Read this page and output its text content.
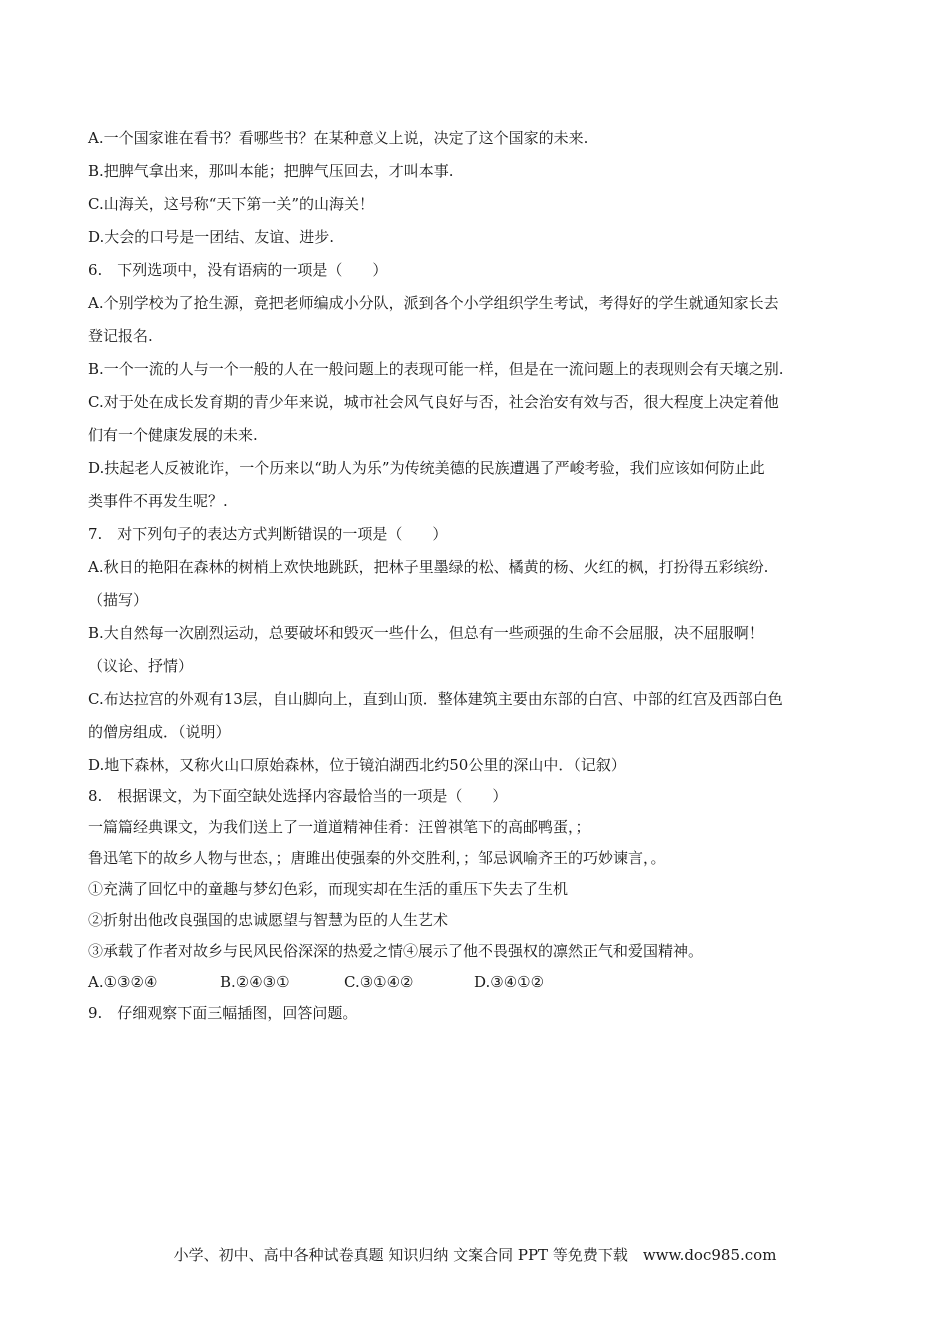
A.一个国家谁在看书？看哪些书？在某种意义上说，决定了这个国家的未来.

B.把脾气拿出来，那叫本能；把脾气压回去，才叫本事.

C.山海关，这号称“天下第一关”的山海关！

D.大会的口号是一团结、友谊、进步.

6.　下列选项中，没有语病的一项是（　　）

A.个别学校为了抢生源，竟把老师编成小分队，派到各个小学组织学生考试，考得好的学生就通知家长去

登记报名.

B.一个一流的人与一个一般的人在一般问题上的表现可能一样，但是在一流问题上的表现则会有天壤之别.

C.对于处在成长发育期的青少年来说，城市社会风气良好与否，社会治安有效与否，很大程度上决定着他

们有一个健康发展的未来.

D.扶起老人反被讹诈，一个历来以“助人为乐”为传统美德的民族遭遇了严峻考验，我们应该如何防止此

类事件不再发生呢？.

7.　对下列句子的表达方式判断错误的一项是（　　）

A.秋日的艳阳在森林的树梢上欢快地跳跃，把林子里墨绿的松、橘黄的杨、火红的枫，打扮得五彩缤纷.

（描写）

B.大自然每一次剧烈运动，总要破坏和毁灭一些什么，但总有一些顽强的生命不会屈服，决不屈服啊！

（议论、抒情）

C.布达拉宫的外观有13层，自山脚向上，直到山顶．整体建筑主要由东部的白宫、中部的红宫及西部白色

的僧房组成．（说明）

D.地下森林，又称火山口原始森林，位于镜泊湖西北约50公里的深山中．（记叙）

8.　根据课文，为下面空缺处选择内容最恰当的一项是（　　）

一篇篇经典课文，为我们送上了一道道精神佳肴：汪曾祺笔下的高邮鸭蛋，；

鲁迅笔下的故乡人物与世态，；唐雎出使强秦的外交胜利，；邹忌讽喻齐王的巧妙谏言，。

①充满了回忆中的童趣与梦幻色彩，而现实却在生活的重压下失去了生机

②折射出他改良强国的忠诚愿望与智慧为臣的人生艺术

③承载了作者对故乡与民风民俗深深的热爱之情④展示了他不畏强权的凛然正气和爱国精神。

A.①③②④	B.②④③①	C.③①④②	D.③④①②

9.　仔细观察下面三幅插图，回答问题。

小学、初中、高中各种试卷真题 知识归纳 文案合同 PPT 等免费下载　www.doc985.com
